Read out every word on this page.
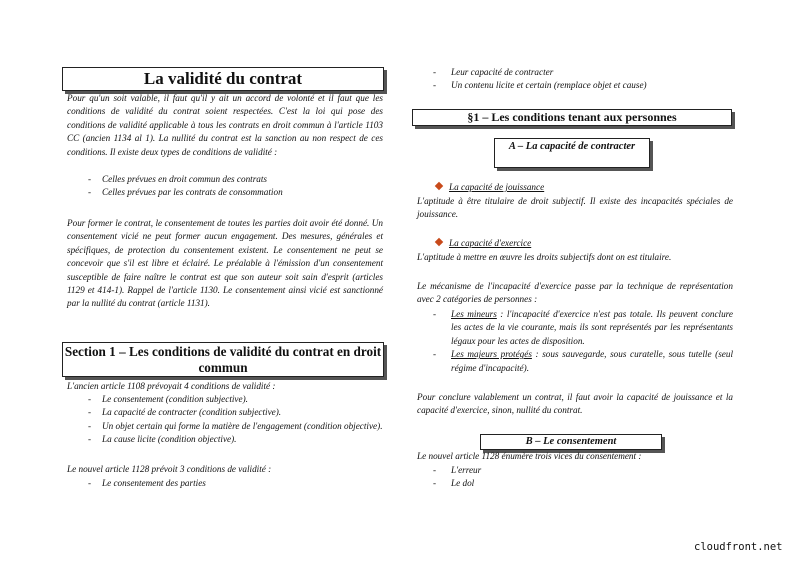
La validité du contrat

Pour qu'un soit valable, il faut qu'il y ait un accord de volonté et il faut que les conditions de validité du contrat soient respectées. C'est la loi qui pose des conditions de validité applicable à tous les contrats en droit commun à l'article 1103 CC (ancien 1134 al 1). La nullité du contrat est la sanction au non respect de ces conditions. Il existe deux types de conditions de validité :

-	Celles prévues en droit commun des contrats
-	Celles prévues par les contrats de consommation

Pour former le contrat, le consentement de toutes les parties doit avoir été donné. Un consentement vicié ne peut former aucun engagement. Des mesures, générales et spécifiques, de protection du consentement existent. Le consentement ne peut se concevoir que s'il est libre et éclairé. Le préalable à l'émission d'un consentement susceptible de faire naître le contrat est que son auteur soit sain d'esprit (articles 1129 et 414-1). Rappel de l'article 1130. Le consentement ainsi vicié est sanctionné par la nullité du contrat (article 1131).

Section 1 – Les conditions de validité du contrat en droit commun

L'ancien article 1108 prévoyait 4 conditions de validité :

-	Le consentement (condition subjective).
-	La capacité de contracter (condition subjective).
-	Un objet certain qui forme la matière de l'engagement (condition objective).
-	La cause licite (condition objective).

Le nouvel article 1128 prévoit 3 conditions de validité :

-	Le consentement des parties
-	Leur capacité de contracter
-	Un contenu licite et certain (remplace objet et cause)
§1 – Les conditions tenant aux personnes
A – La capacité de contracter
La capacité de jouissance

L'aptitude à être titulaire de droit subjectif. Il existe des incapacités spéciales de jouissance.

La capacité d'exercice

L'aptitude à mettre en œuvre les droits subjectifs dont on est titulaire.

Le mécanisme de l'incapacité d'exercice passe par la technique de représentation avec 2 catégories de personnes :

-	Les mineurs : l'incapacité d'exercice n'est pas totale. Ils peuvent conclure les actes de la vie courante, mais ils sont représentés par les représentants légaux pour les actes de disposition.
-	Les majeurs protégés : sous sauvegarde, sous curatelle, sous tutelle (seul régime d'incapacité).

Pour conclure valablement un contrat, il faut avoir la capacité de jouissance et la capacité d'exercice, sinon, nullité du contrat.

B – Le consentement

Le nouvel article 1128 énumère trois vices du consentement :

-	L'erreur
-	Le dol
cloudfront.net
